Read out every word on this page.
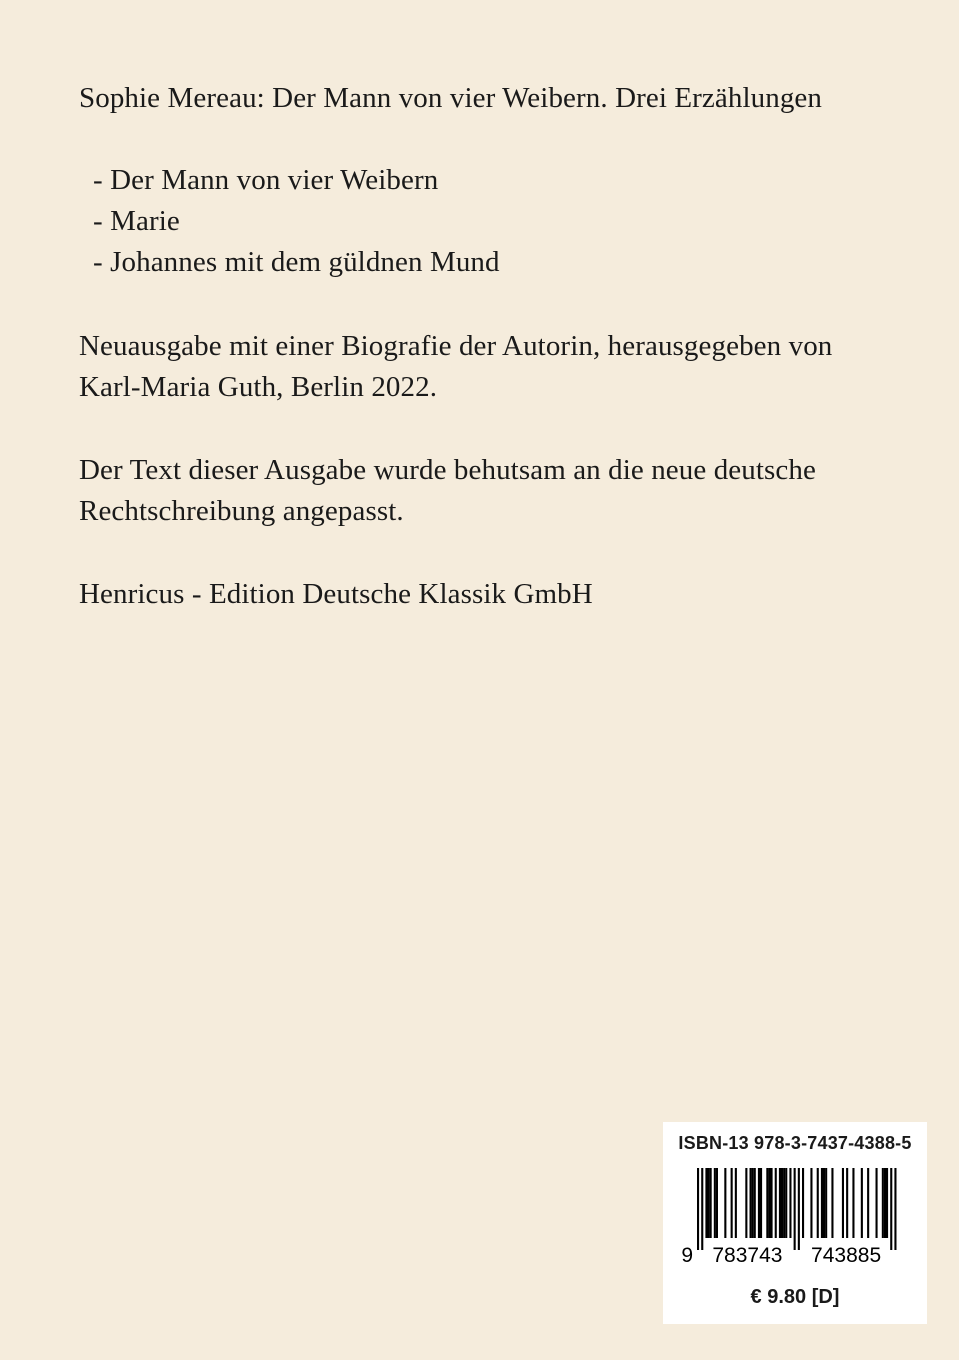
Sophie Mereau: Der Mann von vier Weibern. Drei Erzählungen
- Der Mann von vier Weibern
- Marie
- Johannes mit dem güldnen Mund
Neuausgabe mit einer Biografie der Autorin, herausgegeben von Karl-Maria Guth, Berlin 2022.
Der Text dieser Ausgabe wurde behutsam an die neue deutsche Rechtschreibung angepasst.
Henricus - Edition Deutsche Klassik GmbH
ISBN-13 978-3-7437-4388-5
9 783743 743885
€ 9.80 [D]
